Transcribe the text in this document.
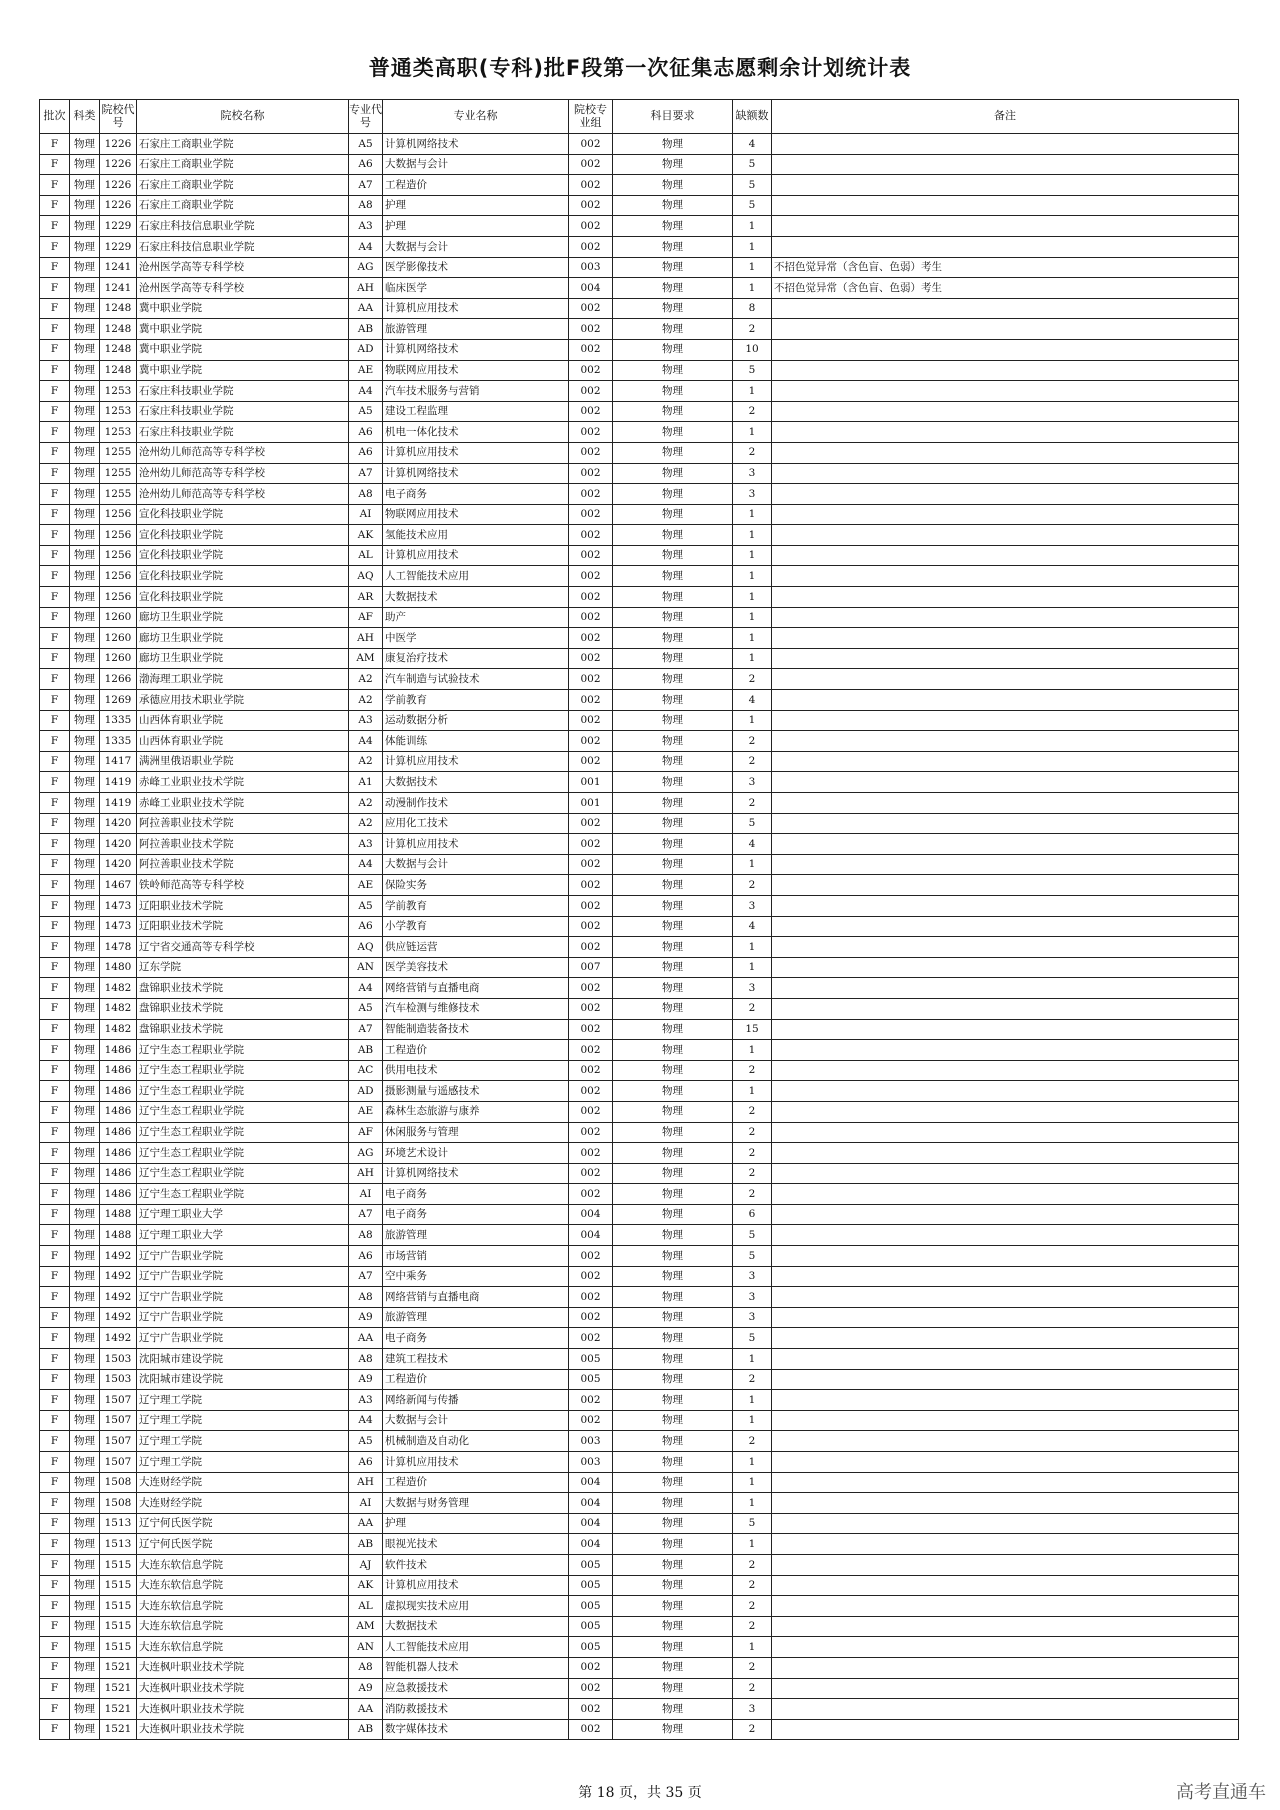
普通类高职(专科)批F段第一次征集志愿剩余计划统计表
批次	科类	院校代号	院校名称	专业代号	专业名称	院校专业组	科目要求	缺额数	备注
F	物理	1226	石家庄工商职业学院	A5	计算机网络技术	002	物理	4	
F	物理	1226	石家庄工商职业学院	A6	大数据与会计	002	物理	5	
F	物理	1226	石家庄工商职业学院	A7	工程造价	002	物理	5	
F	物理	1226	石家庄工商职业学院	A8	护理	002	物理	5	
F	物理	1229	石家庄科技信息职业学院	A3	护理	002	物理	1	
F	物理	1229	石家庄科技信息职业学院	A4	大数据与会计	002	物理	1	
F	物理	1241	沧州医学高等专科学校	AG	医学影像技术	003	物理	1	不招色觉异常（含色盲、色弱）考生
F	物理	1241	沧州医学高等专科学校	AH	临床医学	004	物理	1	不招色觉异常（含色盲、色弱）考生
F	物理	1248	冀中职业学院	AA	计算机应用技术	002	物理	8	
F	物理	1248	冀中职业学院	AB	旅游管理	002	物理	2	
F	物理	1248	冀中职业学院	AD	计算机网络技术	002	物理	10	
F	物理	1248	冀中职业学院	AE	物联网应用技术	002	物理	5	
F	物理	1253	石家庄科技职业学院	A4	汽车技术服务与营销	002	物理	1	
F	物理	1253	石家庄科技职业学院	A5	建设工程监理	002	物理	2	
F	物理	1253	石家庄科技职业学院	A6	机电一体化技术	002	物理	1	
F	物理	1255	沧州幼儿师范高等专科学校	A6	计算机应用技术	002	物理	2	
F	物理	1255	沧州幼儿师范高等专科学校	A7	计算机网络技术	002	物理	3	
F	物理	1255	沧州幼儿师范高等专科学校	A8	电子商务	002	物理	3	
F	物理	1256	宣化科技职业学院	AI	物联网应用技术	002	物理	1	
F	物理	1256	宣化科技职业学院	AK	氢能技术应用	002	物理	1	
F	物理	1256	宣化科技职业学院	AL	计算机应用技术	002	物理	1	
F	物理	1256	宣化科技职业学院	AQ	人工智能技术应用	002	物理	1	
F	物理	1256	宣化科技职业学院	AR	大数据技术	002	物理	1	
F	物理	1260	廊坊卫生职业学院	AF	助产	002	物理	1	
F	物理	1260	廊坊卫生职业学院	AH	中医学	002	物理	1	
F	物理	1260	廊坊卫生职业学院	AM	康复治疗技术	002	物理	1	
F	物理	1266	渤海理工职业学院	A2	汽车制造与试验技术	002	物理	2	
F	物理	1269	承德应用技术职业学院	A2	学前教育	002	物理	4	
F	物理	1335	山西体育职业学院	A3	运动数据分析	002	物理	1	
F	物理	1335	山西体育职业学院	A4	体能训练	002	物理	2	
F	物理	1417	满洲里俄语职业学院	A2	计算机应用技术	002	物理	2	
F	物理	1419	赤峰工业职业技术学院	A1	大数据技术	001	物理	3	
F	物理	1419	赤峰工业职业技术学院	A2	动漫制作技术	001	物理	2	
F	物理	1420	阿拉善职业技术学院	A2	应用化工技术	002	物理	5	
F	物理	1420	阿拉善职业技术学院	A3	计算机应用技术	002	物理	4	
F	物理	1420	阿拉善职业技术学院	A4	大数据与会计	002	物理	1	
F	物理	1467	铁岭师范高等专科学校	AE	保险实务	002	物理	2	
F	物理	1473	辽阳职业技术学院	A5	学前教育	002	物理	3	
F	物理	1473	辽阳职业技术学院	A6	小学教育	002	物理	4	
F	物理	1478	辽宁省交通高等专科学校	AQ	供应链运营	002	物理	1	
F	物理	1480	辽东学院	AN	医学美容技术	007	物理	1	
F	物理	1482	盘锦职业技术学院	A4	网络营销与直播电商	002	物理	3	
F	物理	1482	盘锦职业技术学院	A5	汽车检测与维修技术	002	物理	2	
F	物理	1482	盘锦职业技术学院	A7	智能制造装备技术	002	物理	15	
F	物理	1486	辽宁生态工程职业学院	AB	工程造价	002	物理	1	
F	物理	1486	辽宁生态工程职业学院	AC	供用电技术	002	物理	2	
F	物理	1486	辽宁生态工程职业学院	AD	摄影测量与遥感技术	002	物理	1	
F	物理	1486	辽宁生态工程职业学院	AE	森林生态旅游与康养	002	物理	2	
F	物理	1486	辽宁生态工程职业学院	AF	休闲服务与管理	002	物理	2	
F	物理	1486	辽宁生态工程职业学院	AG	环境艺术设计	002	物理	2	
F	物理	1486	辽宁生态工程职业学院	AH	计算机网络技术	002	物理	2	
F	物理	1486	辽宁生态工程职业学院	AI	电子商务	002	物理	2	
F	物理	1488	辽宁理工职业大学	A7	电子商务	004	物理	6	
F	物理	1488	辽宁理工职业大学	A8	旅游管理	004	物理	5	
F	物理	1492	辽宁广告职业学院	A6	市场营销	002	物理	5	
F	物理	1492	辽宁广告职业学院	A7	空中乘务	002	物理	3	
F	物理	1492	辽宁广告职业学院	A8	网络营销与直播电商	002	物理	3	
F	物理	1492	辽宁广告职业学院	A9	旅游管理	002	物理	3	
F	物理	1492	辽宁广告职业学院	AA	电子商务	002	物理	5	
F	物理	1503	沈阳城市建设学院	A8	建筑工程技术	005	物理	1	
F	物理	1503	沈阳城市建设学院	A9	工程造价	005	物理	2	
F	物理	1507	辽宁理工学院	A3	网络新闻与传播	002	物理	1	
F	物理	1507	辽宁理工学院	A4	大数据与会计	002	物理	1	
F	物理	1507	辽宁理工学院	A5	机械制造及自动化	003	物理	2	
F	物理	1507	辽宁理工学院	A6	计算机应用技术	003	物理	1	
F	物理	1508	大连财经学院	AH	工程造价	004	物理	1	
F	物理	1508	大连财经学院	AI	大数据与财务管理	004	物理	1	
F	物理	1513	辽宁何氏医学院	AA	护理	004	物理	5	
F	物理	1513	辽宁何氏医学院	AB	眼视光技术	004	物理	1	
F	物理	1515	大连东软信息学院	AJ	软件技术	005	物理	2	
F	物理	1515	大连东软信息学院	AK	计算机应用技术	005	物理	2	
F	物理	1515	大连东软信息学院	AL	虚拟现实技术应用	005	物理	2	
F	物理	1515	大连东软信息学院	AM	大数据技术	005	物理	2	
F	物理	1515	大连东软信息学院	AN	人工智能技术应用	005	物理	1	
F	物理	1521	大连枫叶职业技术学院	A8	智能机器人技术	002	物理	2	
F	物理	1521	大连枫叶职业技术学院	A9	应急救援技术	002	物理	2	
F	物理	1521	大连枫叶职业技术学院	AA	消防救援技术	002	物理	3	
F	物理	1521	大连枫叶职业技术学院	AB	数字媒体技术	002	物理	2	
第 18 页，共 35 页	高考直通车
